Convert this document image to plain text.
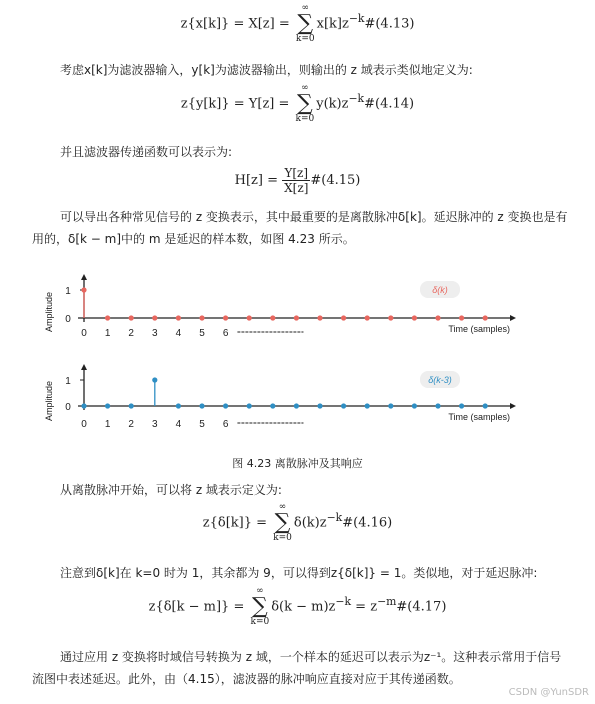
z{x[k]} = X[z] =
∞
∑
k=0
$x[k]z^{-k}\#(4.13)$
考虑x[k]为滤波器输入，y[k]为滤波器输出，则输出的 z 域表示类似地定义为:
z{y[k]} = Y[z] =
∞
∑
k=0
$y(k)z^{-k}\#(4.14)$
并且滤波器传递函数可以表示为:
$H[z] = \frac{Y[z]}{X[z]}$ #(4.15)
可以导出各种常见信号的 z 变换表示，其中最重要的是离散脉冲δ[k]。延迟脉冲的 z 变换也是有用的，δ[k − m]中的 m 是延迟的样本数，如图 4.23 所示。
0
1
Amplitude
0 1 2 3 4 5 6	Time (samples)
δ(k)
0
1
Amplitude
0 1 2 3 4 5 6
Time (samples)
δ(k-3)
图 4.23 离散脉冲及其响应
从离散脉冲开始，可以将 z 域表示定义为:
z{δ[k]} =
∞
∑
k=0
$\delta(k)z^{-k}\#(4.16)$
注意到δ[k]在 k=0 时为 1，其余都为 9，可以得到z{δ[k]} = 1。类似地，对于延迟脉冲:
z{δ[k − m]} =
∞
∑
k=0
$\delta(k - m)z^{-k}$ = $z^{-m}\#(4.17)$
通过应用 z 变换将时域信号转换为 z 域，一个样本的延迟可以表示为z⁻¹。这种表示常用于信号流图中表述延迟。此外，由（4.15），滤波器的脉冲响应直接对应于其传递函数。
CSDN @YunSDR
